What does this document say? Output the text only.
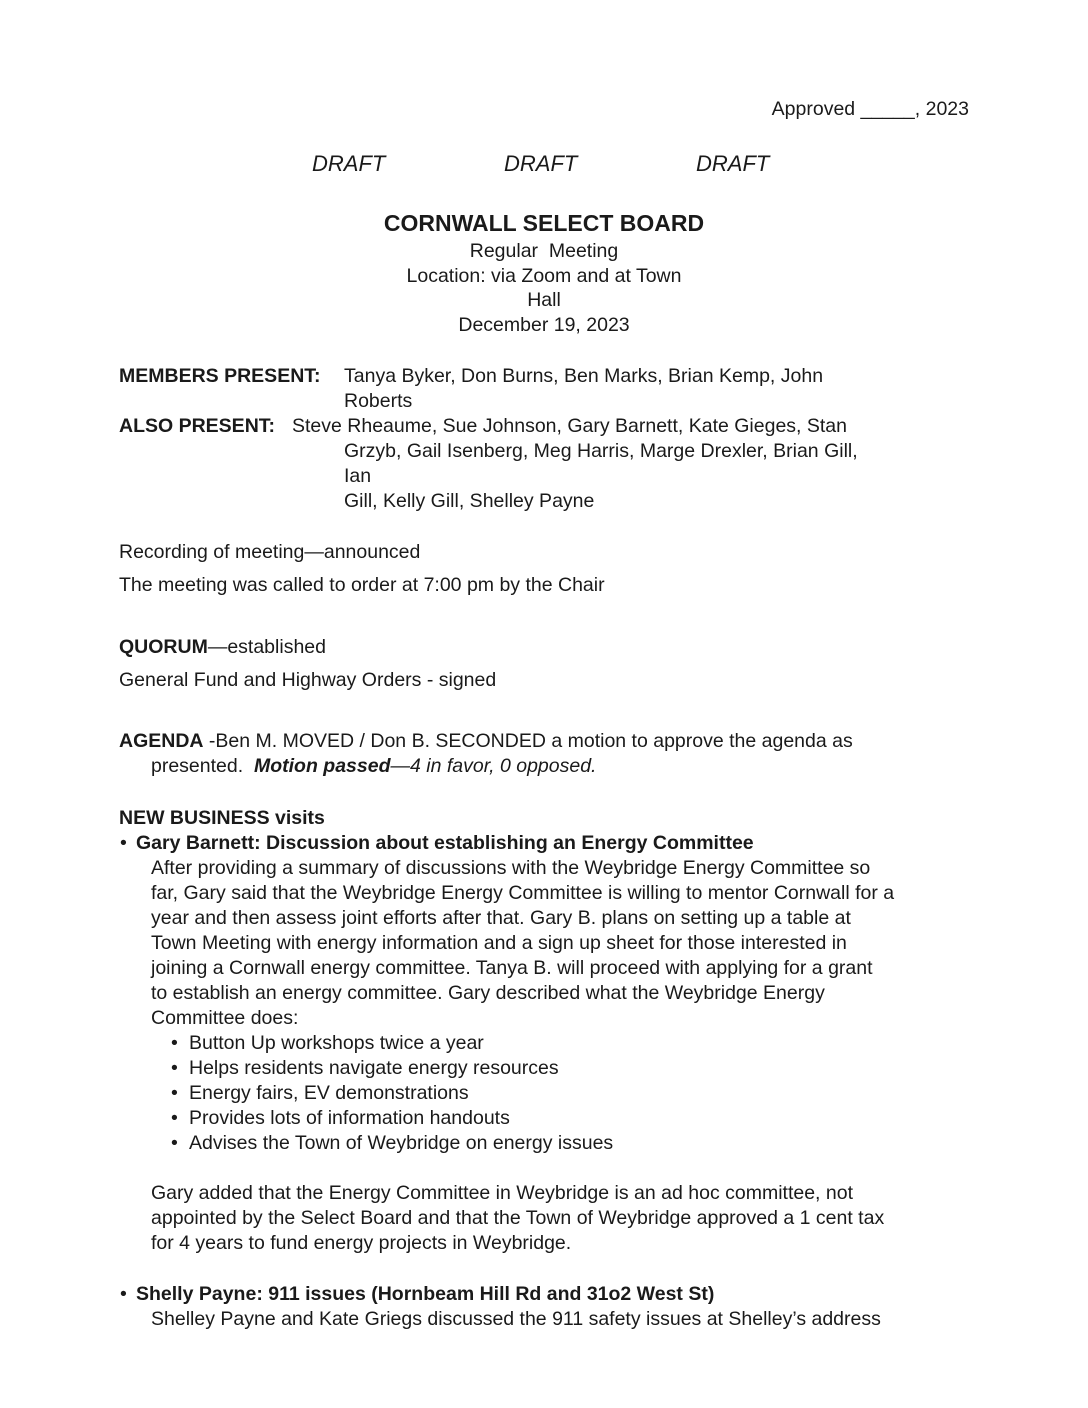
Approved _____, 2023
DRAFT	DRAFT	DRAFT
CORNWALL SELECT BOARD
Regular  Meeting
Location: via Zoom and at Town
Hall
December 19, 2023
MEMBERS PRESENT:	Tanya Byker, Don Burns, Ben Marks, Brian Kemp, John
Roberts
ALSO PRESENT: Steve Rheaume, Sue Johnson, Gary Barnett, Kate Gieges, Stan
Grzyb, Gail Isenberg, Meg Harris, Marge Drexler, Brian Gill, Ian
Gill, Kelly Gill, Shelley Payne

Recording of meeting—announced

The meeting was called to order at 7:00 pm by the Chair

QUORUM—established

General Fund and Highway Orders - signed

AGENDA -Ben M. MOVED / Don B. SECONDED a motion to approve the agenda as

presented.  Motion passed—4 in favor, 0 opposed.

NEW BUSINESS visits

• Gary Barnett: Discussion about establishing an Energy Committee
After providing a summary of discussions with the Weybridge Energy Committee so
far, Gary said that the Weybridge Energy Committee is willing to mentor Cornwall for a
year and then assess joint efforts after that. Gary B. plans on setting up a table at
Town Meeting with energy information and a sign up sheet for those interested in
joining a Cornwall energy committee. Tanya B. will proceed with applying for a grant
to establish an energy committee. Gary described what the Weybridge Energy
Committee does:
• Button Up workshops twice a year
• Helps residents navigate energy resources
• Energy fairs, EV demonstrations
• Provides lots of information handouts
• Advises the Town of Weybridge on energy issues
Gary added that the Energy Committee in Weybridge is an ad hoc committee, not
appointed by the Select Board and that the Town of Weybridge approved a 1 cent tax
for 4 years to fund energy projects in Weybridge.
• Shelly Payne: 911 issues (Hornbeam Hill Rd and 31o2 West St)
Shelley Payne and Kate Griegs discussed the 911 safety issues at Shelley’s address
